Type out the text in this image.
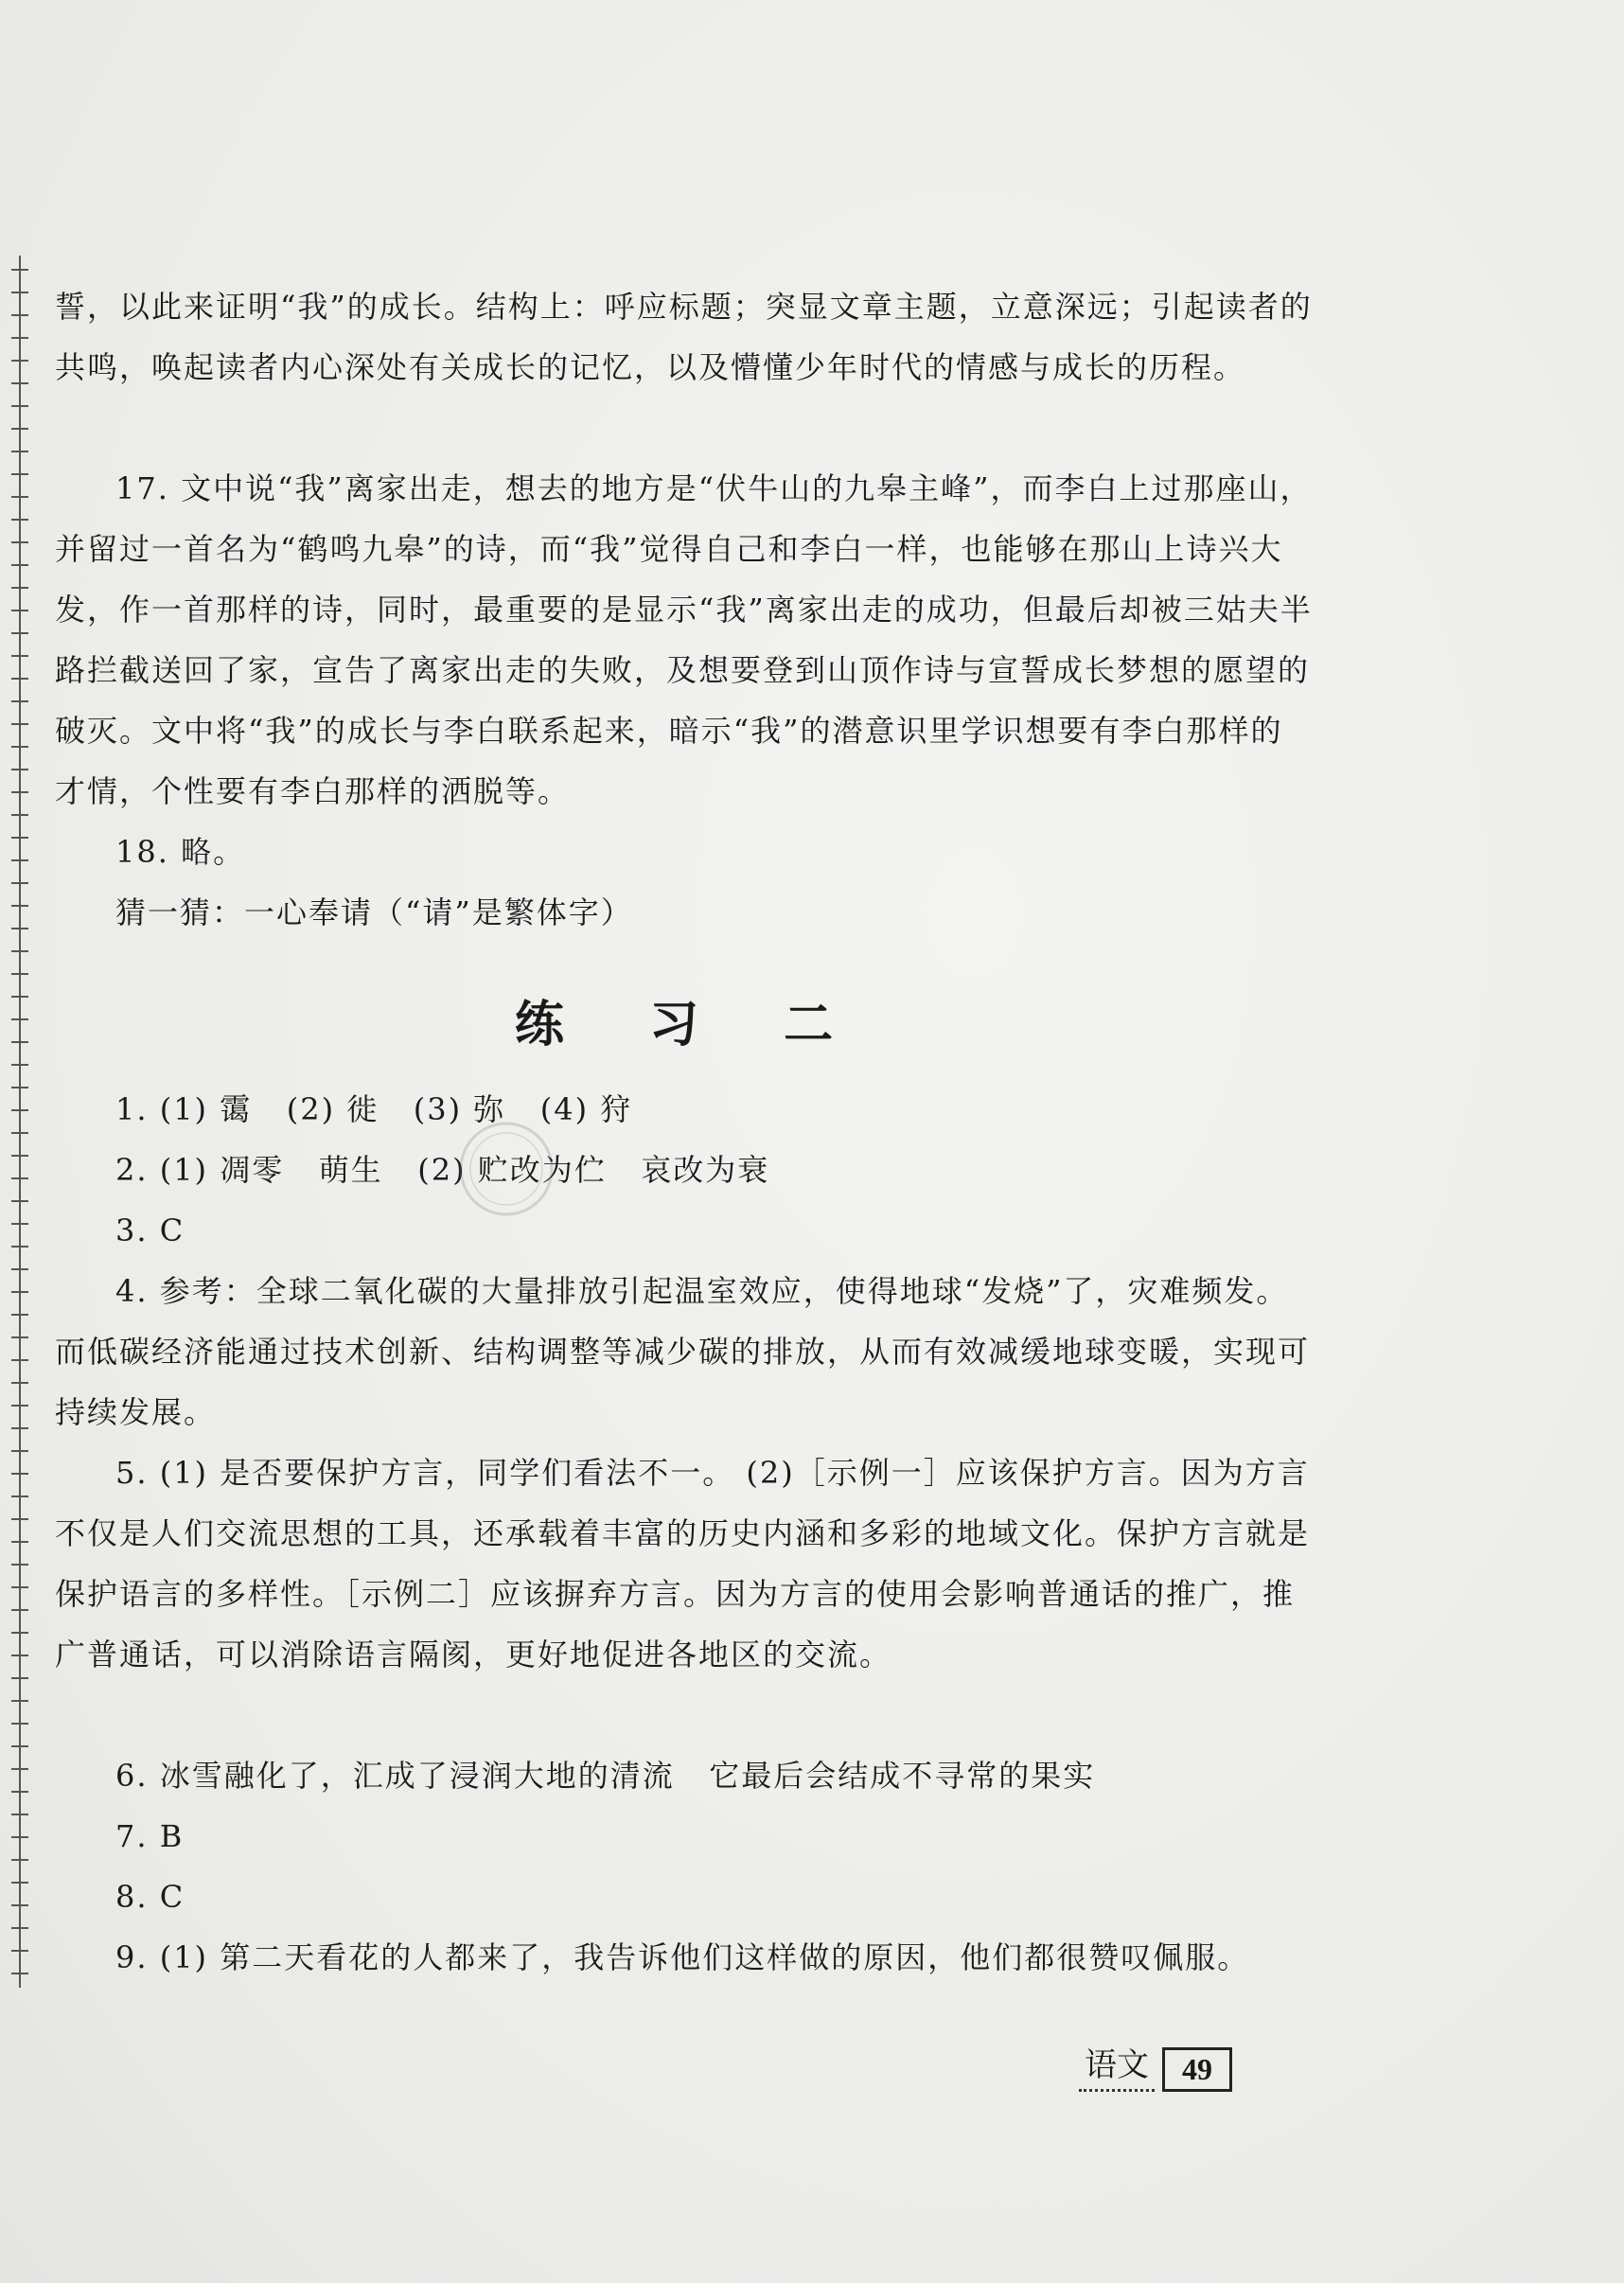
誓，以此来证明“我”的成长。结构上：呼应标题；突显文章主题，立意深远；引起读者的共鸣，唤起读者内心深处有关成长的记忆，以及懵懂少年时代的情感与成长的历程。

17. 文中说“我”离家出走，想去的地方是“伏牛山的九皋主峰”，而李白上过那座山，并留过一首名为“鹤鸣九皋”的诗，而“我”觉得自己和李白一样，也能够在那山上诗兴大发，作一首那样的诗，同时，最重要的是显示“我”离家出走的成功，但最后却被三姑夫半路拦截送回了家，宣告了离家出走的失败，及想要登到山顶作诗与宣誓成长梦想的愿望的破灭。文中将“我”的成长与李白联系起来，暗示“我”的潜意识里学识想要有李白那样的才情，个性要有李白那样的洒脱等。

18. 略。

猜一猜：一心奉请（“请”是繁体字）

练 习 二

1. (1) 霭   (2) 徙   (3) 弥   (4) 狩

2. (1) 凋零   萌生   (2) 贮改为伫   哀改为衰

3. C

4. 参考：全球二氧化碳的大量排放引起温室效应，使得地球“发烧”了，灾难频发。而低碳经济能通过技术创新、结构调整等减少碳的排放，从而有效减缓地球变暖，实现可持续发展。

5. (1) 是否要保护方言，同学们看法不一。 (2)［示例一］应该保护方言。因为方言不仅是人们交流思想的工具，还承载着丰富的历史内涵和多彩的地域文化。保护方言就是保护语言的多样性。［示例二］应该摒弃方言。因为方言的使用会影响普通话的推广，推广普通话，可以消除语言隔阂，更好地促进各地区的交流。

6. 冰雪融化了，汇成了浸润大地的清流   它最后会结成不寻常的果实

7. B

8. C

9. (1) 第二天看花的人都来了，我告诉他们这样做的原因，他们都很赞叹佩服。

语文	49
